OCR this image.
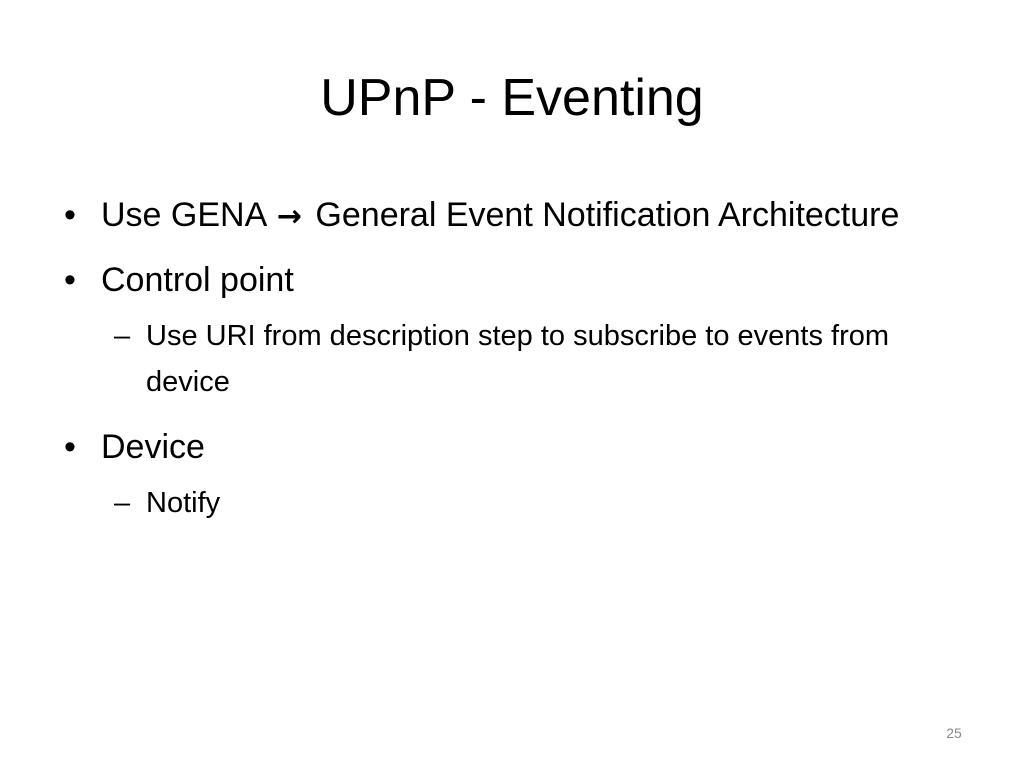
UPnP - Eventing
• Use GENA → General Event Notification Architecture
• Control point
– Use URI from description step to subscribe to events from device
• Device
– Notify
25
